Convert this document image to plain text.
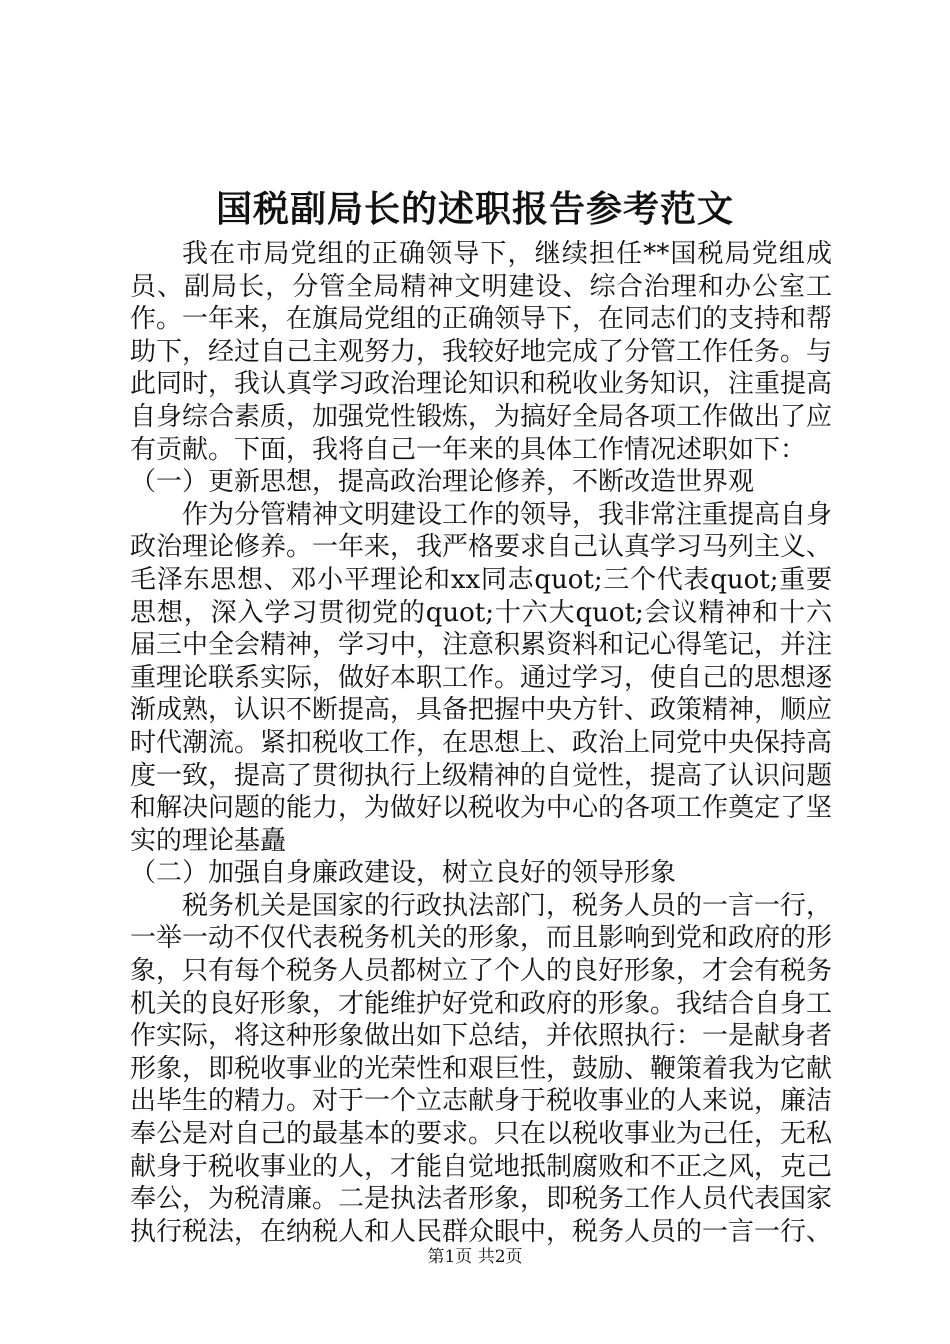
国税副局长的述职报告参考范文

我在市局党组的正确领导下，继续担任**国税局党组成员、副局长，分管全局精神文明建设、综合治理和办公室工作。一年来，在旗局党组的正确领导下，在同志们的支持和帮助下，经过自己主观努力，我较好地完成了分管工作任务。与此同时，我认真学习政治理论知识和税收业务知识，注重提高自身综合素质，加强党性锻炼，为搞好全局各项工作做出了应有贡献。下面，我将自己一年来的具体工作情况述职如下：

（一）更新思想，提高政治理论修养，不断改造世界观

作为分管精神文明建设工作的领导，我非常注重提高自身政治理论修养。一年来，我严格要求自己认真学习马列主义、毛泽东思想、邓小平理论和xx同志quot;三个代表quot;重要思想，深入学习贯彻党的quot;十六大quot;会议精神和十六届三中全会精神，学习中，注意积累资料和记心得笔记，并注重理论联系实际，做好本职工作。通过学习，使自己的思想逐渐成熟，认识不断提高，具备把握中央方针、政策精神，顺应时代潮流。紧扣税收工作，在思想上、政治上同党中央保持高度一致，提高了贯彻执行上级精神的自觉性，提高了认识问题和解决问题的能力，为做好以税收为中心的各项工作奠定了坚实的理论基矗

（二）加强自身廉政建设，树立良好的领导形象

税务机关是国家的行政执法部门，税务人员的一言一行，一举一动不仅代表税务机关的形象，而且影响到党和政府的形象，只有每个税务人员都树立了个人的良好形象，才会有税务机关的良好形象，才能维护好党和政府的形象。我结合自身工作实际，将这种形象做出如下总结，并依照执行：一是献身者形象，即税收事业的光荣性和艰巨性，鼓励、鞭策着我为它献出毕生的精力。对于一个立志献身于税收事业的人来说，廉洁奉公是对自己的最基本的要求。只在以税收事业为己任，无私献身于税收事业的人，才能自觉地抵制腐败和不正之风，克己奉公，为税清廉。二是执法者形象，即税务工作人员代表国家执行税法，在纳税人和人民群众眼中，税务人员的一言一行、

第1页 共2页
